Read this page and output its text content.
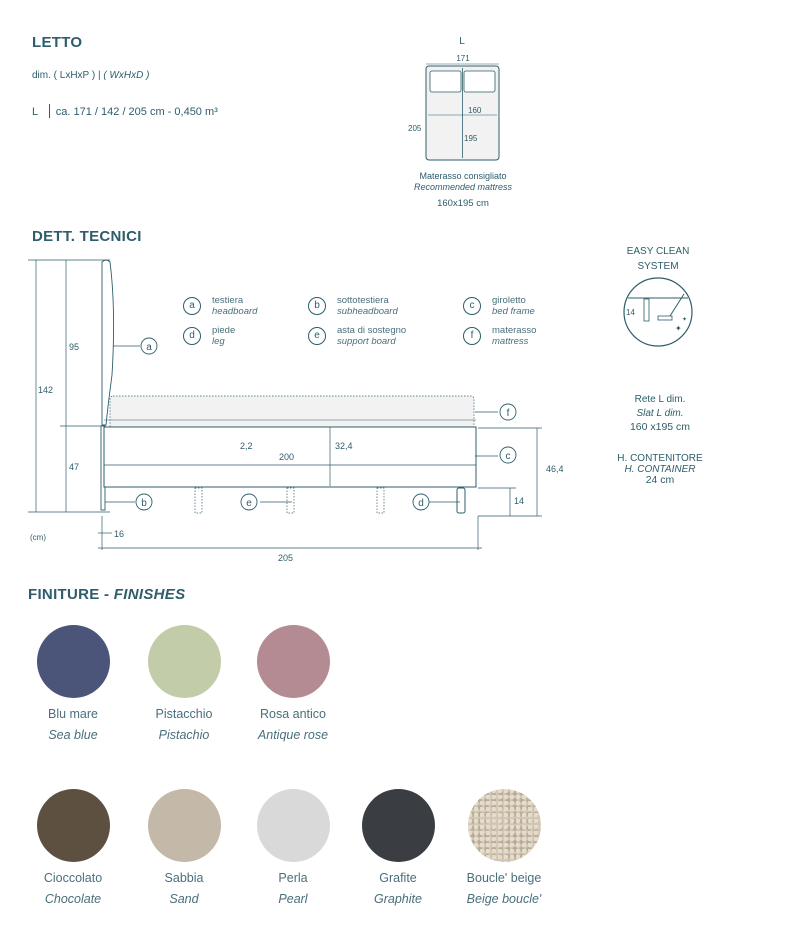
LETTO
dim. ( LxHxP ) | ( WxHxD )
L ca. 171 / 142 / 205 cm - 0,450 m³
L
171
205
160
195
Materasso consigliato
Recommended mattress
160x195 cm
DETT. TECNICI
a	testiera
headboard
b	sottotestiera
subheadboard
c	giroletto
bed frame
d	piede
leg
e	asta di sostegno
support board
f	materasso
mattress
a
b
c
d
e
f
142
95
47
2,2
200
32,4
46,4
14
16
205
(cm)
EASY CLEAN
SYSTEM
14
✦
✦
Rete L dim.
Slat L dim.
160 x195 cm
H. CONTENITORE
H. CONTAINER
24 cm
FINITURE - FINISHES
Blu mare
Sea blue
Pistacchio
Pistachio
Rosa antico
Antique rose
Cioccolato
Chocolate
Sabbia
Sand
Perla
Pearl
Grafite
Graphite
Boucle' beige
Beige boucle'
